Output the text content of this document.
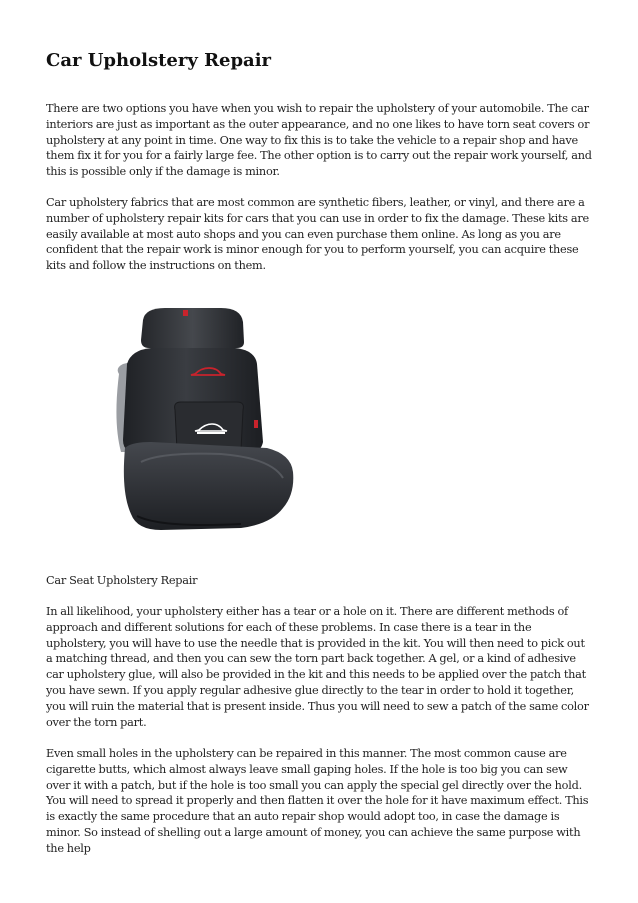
Car Upholstery Repair

There are two options you have when you wish to repair the upholstery of your automobile. The car interiors are just as important as the outer appearance, and no one likes to have torn seat covers or upholstery at any point in time. One way to fix this is to take the vehicle to a repair shop and have them fix it for you for a fairly large fee. The other option is to carry out the repair work yourself, and this is possible only if the damage is minor.

Car upholstery fabrics that are most common are synthetic fibers, leather, or vinyl, and there are a number of upholstery repair kits for cars that you can use in order to fix the damage. These kits are easily available at most auto shops and you can even purchase them online. As long as you are confident that the repair work is minor enough for you to perform yourself, you can acquire these kits and follow the instructions on them.

Car Seat Upholstery Repair

In all likelihood, your upholstery either has a tear or a hole on it. There are different methods of approach and different solutions for each of these problems. In case there is a tear in the upholstery, you will have to use the needle that is provided in the kit. You will then need to pick out a matching thread, and then you can sew the torn part back together. A gel, or a kind of adhesive car upholstery glue, will also be provided in the kit and this needs to be applied over the patch that you have sewn. If you apply regular adhesive glue directly to the tear in order to hold it together, you will ruin the material that is present inside. Thus you will need to sew a patch of the same color over the torn part.

Even small holes in the upholstery can be repaired in this manner. The most common cause are cigarette butts, which almost always leave small gaping holes. If the hole is too big you can sew over it with a patch, but if the hole is too small you can apply the special gel directly over the hold. You will need to spread it properly and then flatten it over the hole for it have maximum effect. This is exactly the same procedure that an auto repair shop would adopt too, in case the damage is minor. So instead of shelling out a large amount of money, you can achieve the same purpose with the help
